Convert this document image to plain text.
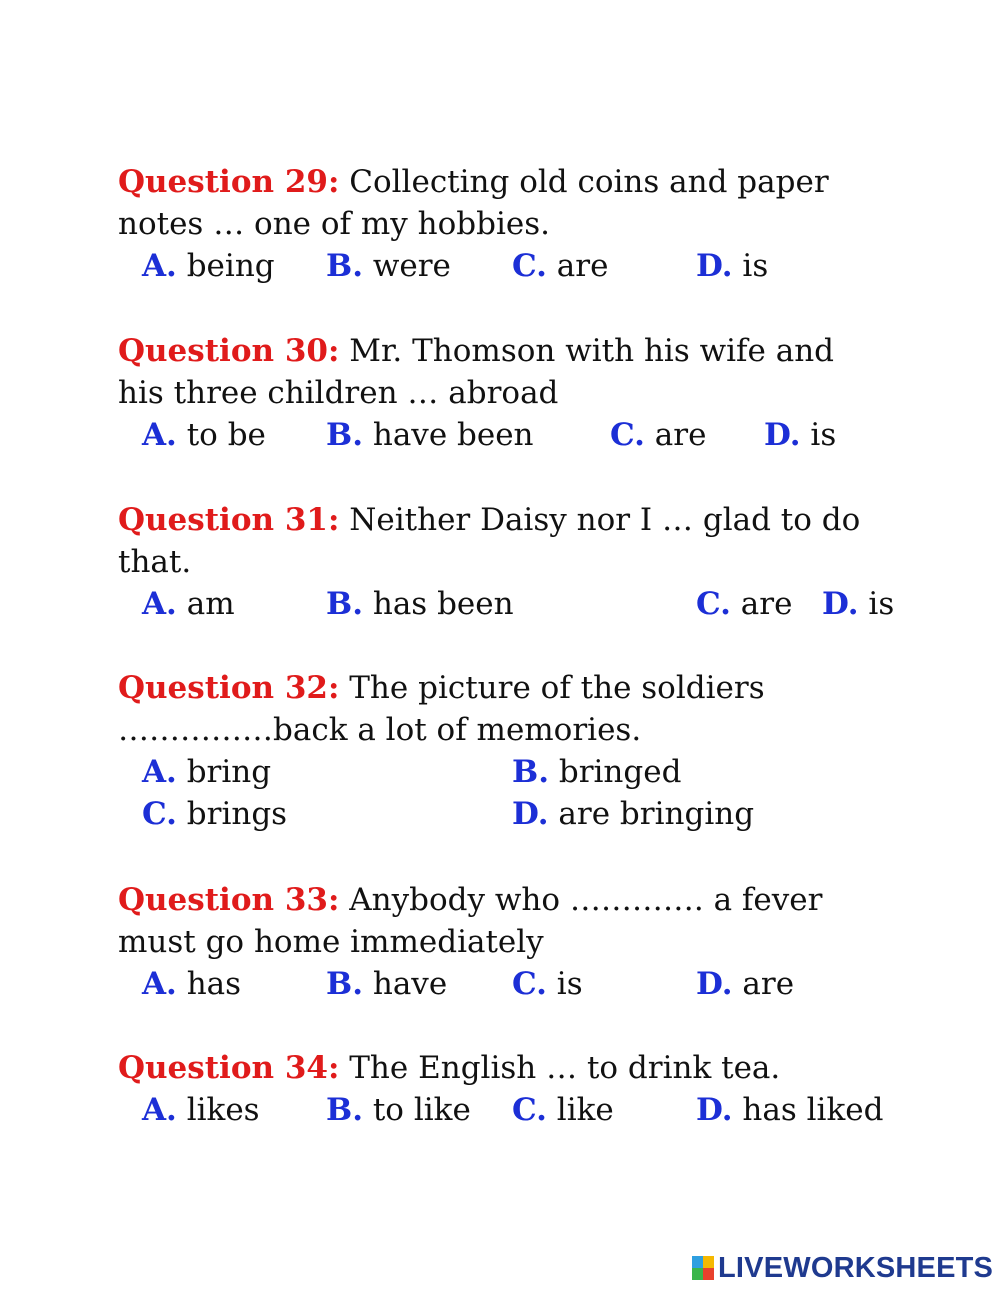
Question 29: Collecting old coins and paper

notes … one of my hobbies.

A. being B. were C. are	D. is

Question 30: Mr. Thomson with his wife and

his three children … abroad

A. to be B. have been C. are D. is

Question 31: Neither Daisy nor I … glad to do

that.

A. am	B. has been	C. are D. is

Question 32: The picture of the soldiers

……………back a lot of memories.

A. bring	B. bringed
C. brings	D. are bringing

Question 33: Anybody who …………. a fever

must go home immediately

A. has	B. have C. is	D. are

Question 34: The English … to drink tea.

A. likes B. to like C. like	D. has liked
LIVEWORKSHEETS
